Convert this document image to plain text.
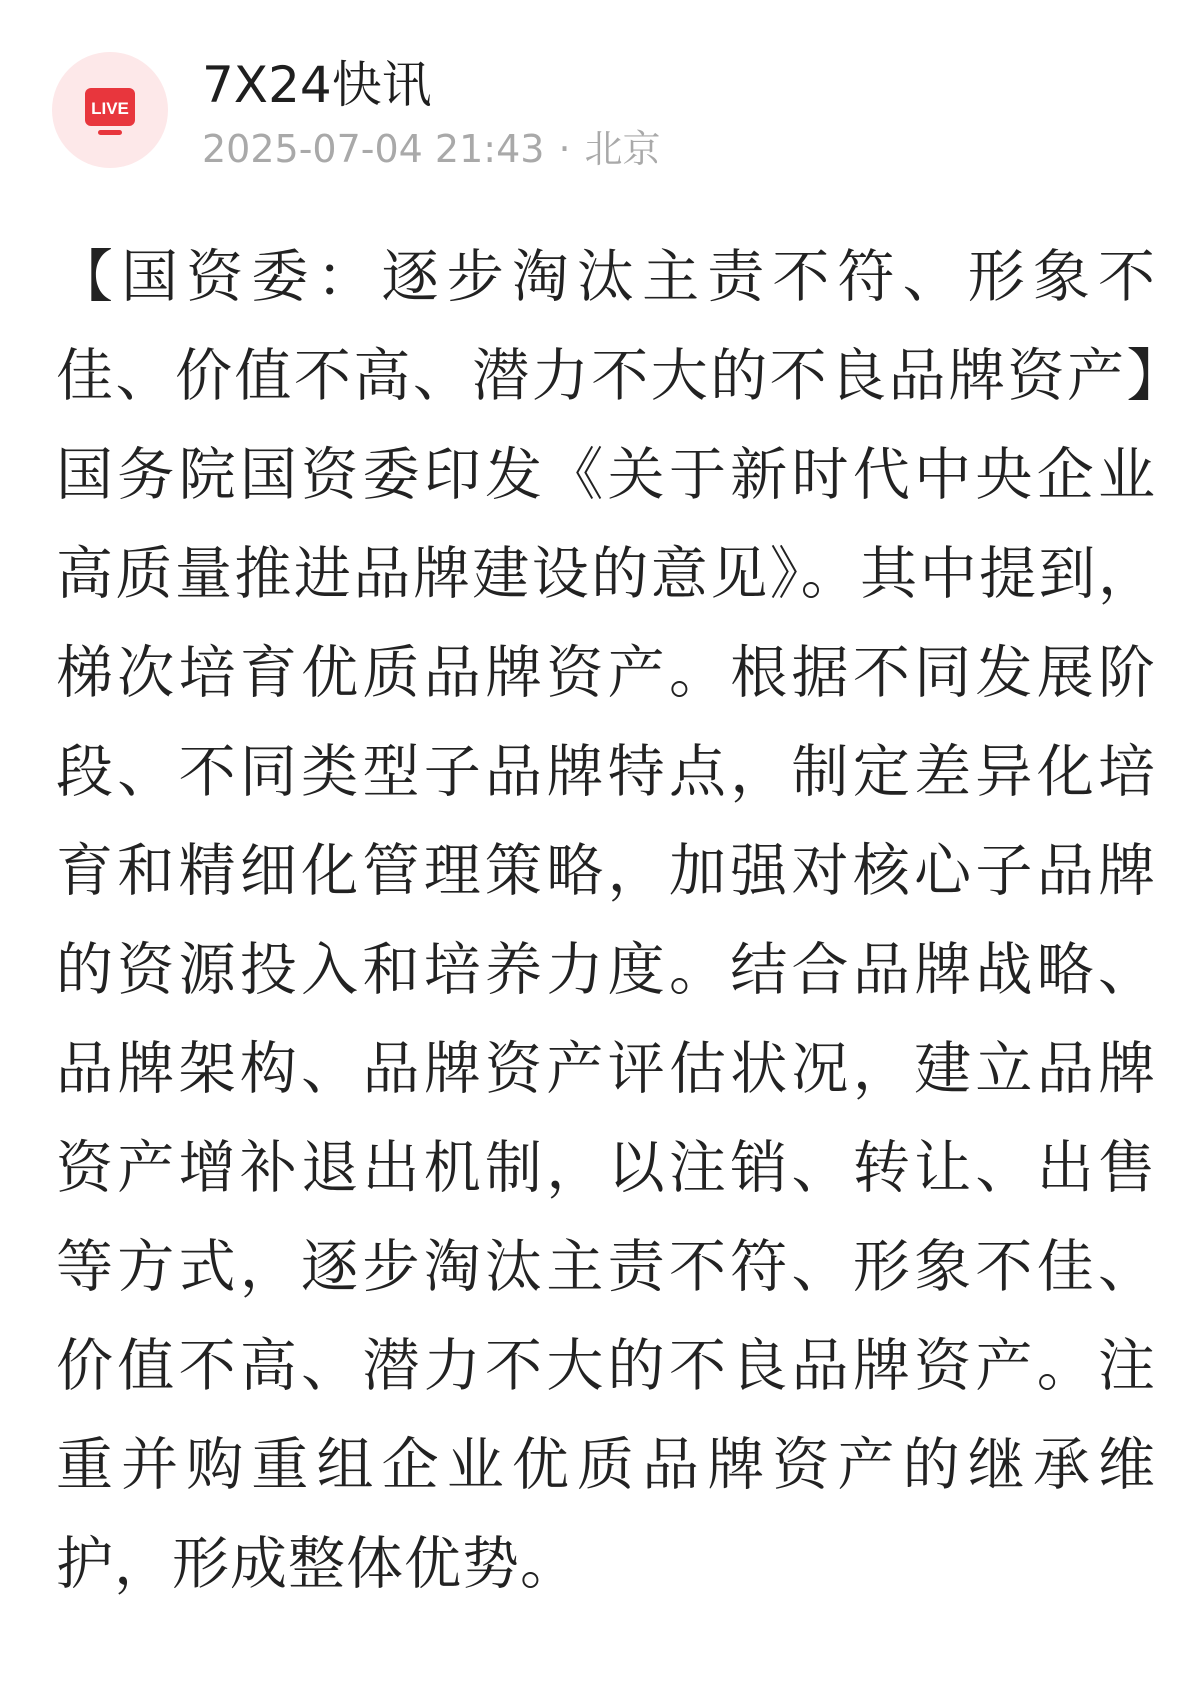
LIVE 7X24快讯
2025-07-04 21:43 · 北京

【国资委：逐步淘汰主责不符、形象不佳、价值不高、潜力不大的不良品牌资产】国务院国资委印发《关于新时代中央企业高质量推进品牌建设的意见》。其中提到，梯次培育优质品牌资产。根据不同发展阶段、不同类型子品牌特点，制定差异化培育和精细化管理策略，加强对核心子品牌的资源投入和培养力度。结合品牌战略、品牌架构、品牌资产评估状况，建立品牌资产增补退出机制，以注销、转让、出售等方式，逐步淘汰主责不符、形象不佳、价值不高、潜力不大的不良品牌资产。注重并购重组企业优质品牌资产的继承维护，形成整体优势。
